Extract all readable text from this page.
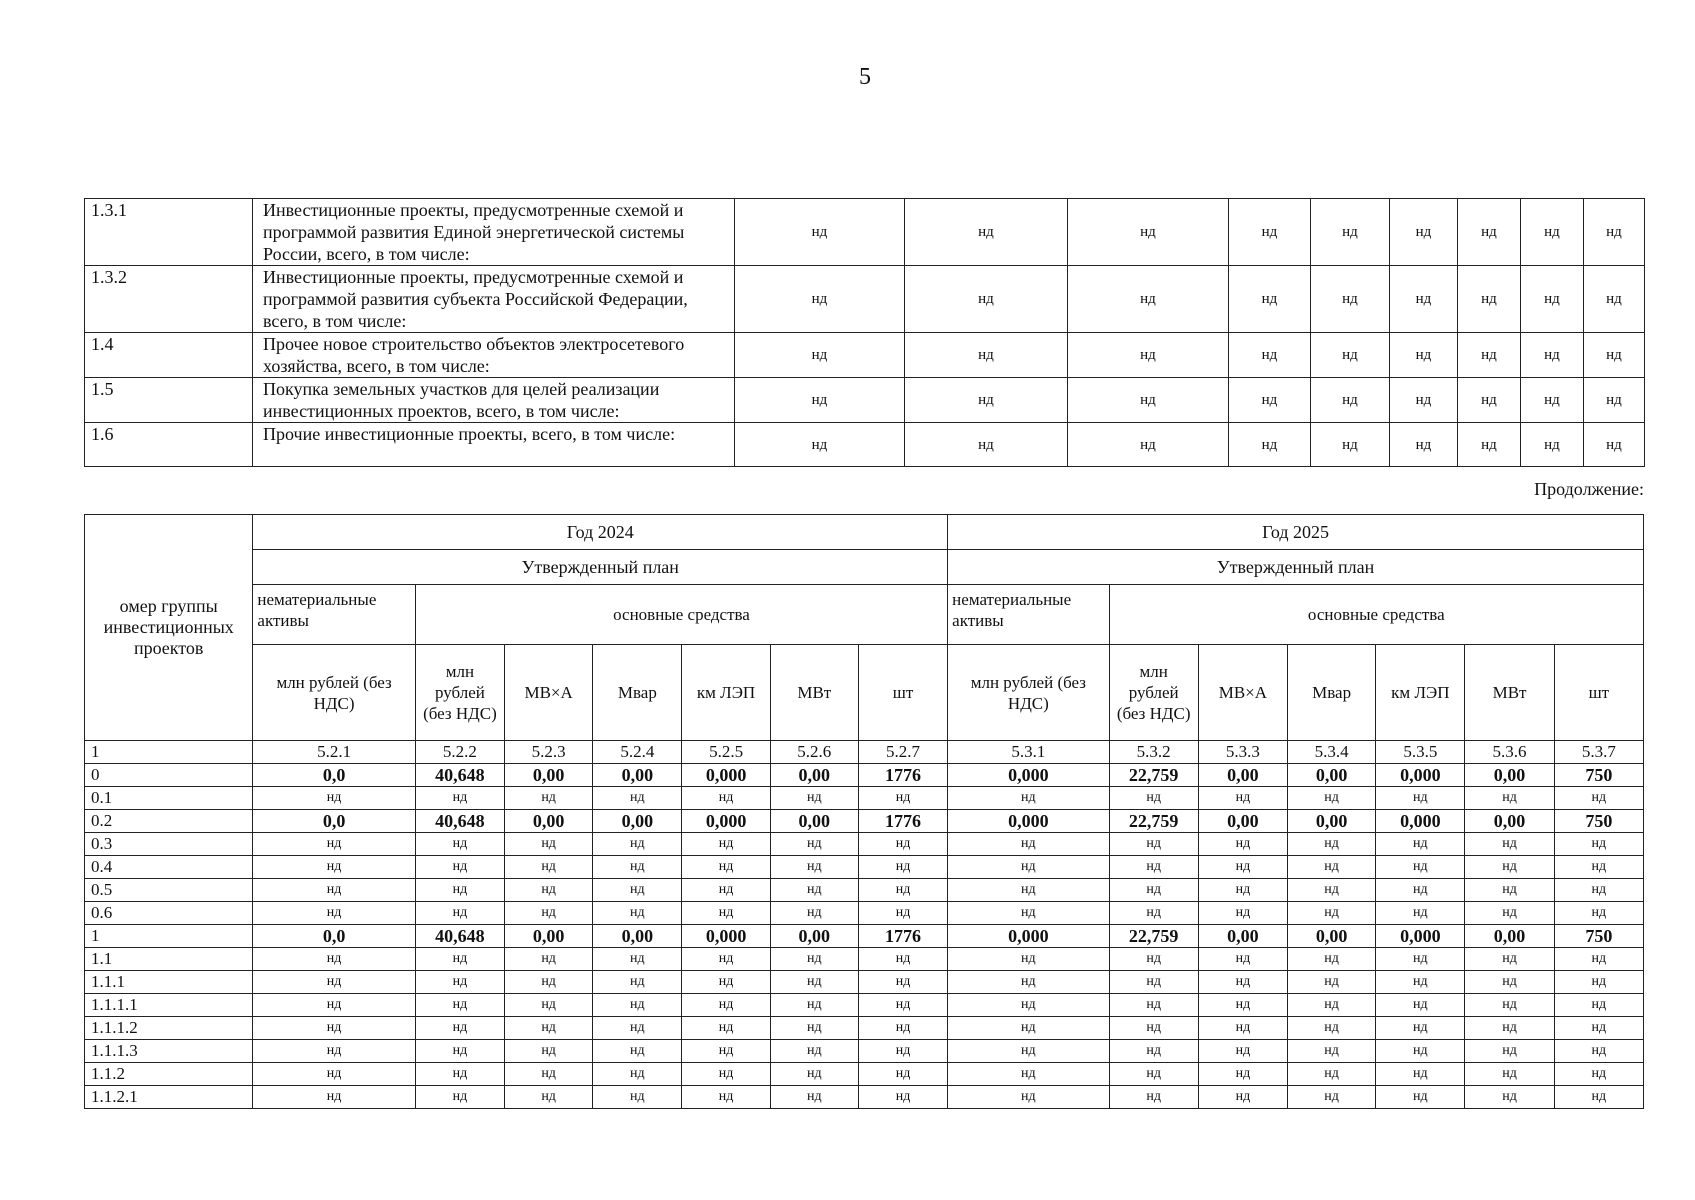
5
1.3.1	Инвестиционные проекты, предусмотренные схемой и программой развития Единой энергетической системы России, всего, в том числе:	нд	нд	нд	нд	нд	нд	нд	нд	нд
1.3.2	Инвестиционные проекты, предусмотренные схемой и программой развития субъекта Российской Федерации, всего, в том числе:	нд	нд	нд	нд	нд	нд	нд	нд	нд
1.4	Прочее новое строительство объектов электросетевого хозяйства, всего, в том числе:	нд	нд	нд	нд	нд	нд	нд	нд	нд
1.5	Покупка земельных участков для целей реализации инвестиционных проектов, всего, в том числе:	нд	нд	нд	нд	нд	нд	нд	нд	нд
1.6	Прочие инвестиционные проекты, всего, в том числе:	нд	нд	нд	нд	нд	нд	нд	нд	нд
Продолжение:
омер группы инвестиционных проектов	Год 2024							Год 2025						
	Утвержденный план							Утвержденный план						
	нематериальные активы	основные средства						нематериальные активы	основные средства					
	млн рублей (без НДС)	млн рублей (без НДС)	МВ×А	Мвар	км ЛЭП	МВт	шт	млн рублей (без НДС)	млн рублей (без НДС)	МВ×А	Мвар	км ЛЭП	МВт	шт
1	5.2.1	5.2.2	5.2.3	5.2.4	5.2.5	5.2.6	5.2.7	5.3.1	5.3.2	5.3.3	5.3.4	5.3.5	5.3.6	5.3.7
0	0,0	40,648	0,00	0,00	0,000	0,00	1776	0,000	22,759	0,00	0,00	0,000	0,00	750
0.1	нд	нд	нд	нд	нд	нд	нд	нд	нд	нд	нд	нд	нд	нд
0.2	0,0	40,648	0,00	0,00	0,000	0,00	1776	0,000	22,759	0,00	0,00	0,000	0,00	750
0.3	нд	нд	нд	нд	нд	нд	нд	нд	нд	нд	нд	нд	нд	нд
0.4	нд	нд	нд	нд	нд	нд	нд	нд	нд	нд	нд	нд	нд	нд
0.5	нд	нд	нд	нд	нд	нд	нд	нд	нд	нд	нд	нд	нд	нд
0.6	нд	нд	нд	нд	нд	нд	нд	нд	нд	нд	нд	нд	нд	нд
1	0,0	40,648	0,00	0,00	0,000	0,00	1776	0,000	22,759	0,00	0,00	0,000	0,00	750
1.1	нд	нд	нд	нд	нд	нд	нд	нд	нд	нд	нд	нд	нд	нд
1.1.1	нд	нд	нд	нд	нд	нд	нд	нд	нд	нд	нд	нд	нд	нд
1.1.1.1	нд	нд	нд	нд	нд	нд	нд	нд	нд	нд	нд	нд	нд	нд
1.1.1.2	нд	нд	нд	нд	нд	нд	нд	нд	нд	нд	нд	нд	нд	нд
1.1.1.3	нд	нд	нд	нд	нд	нд	нд	нд	нд	нд	нд	нд	нд	нд
1.1.2	нд	нд	нд	нд	нд	нд	нд	нд	нд	нд	нд	нд	нд	нд
1.1.2.1	нд	нд	нд	нд	нд	нд	нд	нд	нд	нд	нд	нд	нд	нд
